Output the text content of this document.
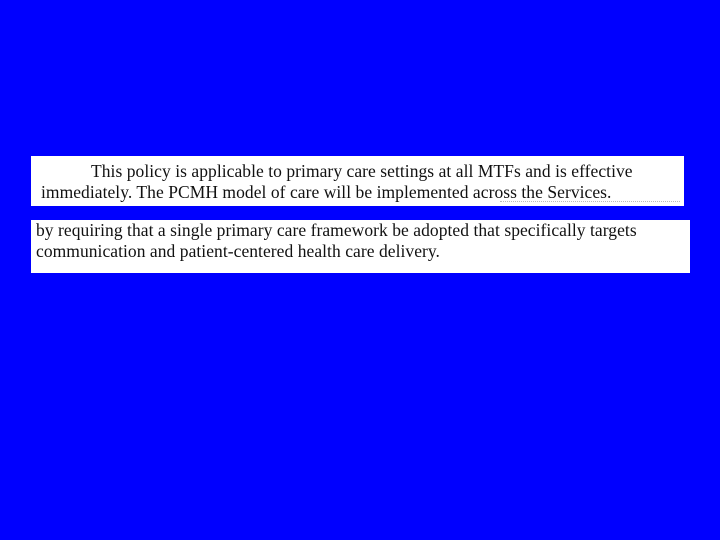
This policy is applicable to primary care settings at all MTFs and is effective
immediately. The PCMH model of care will be implemented across the Services.
by requiring that a single primary care framework be adopted that specifically targets
communication and patient-centered health care delivery.
